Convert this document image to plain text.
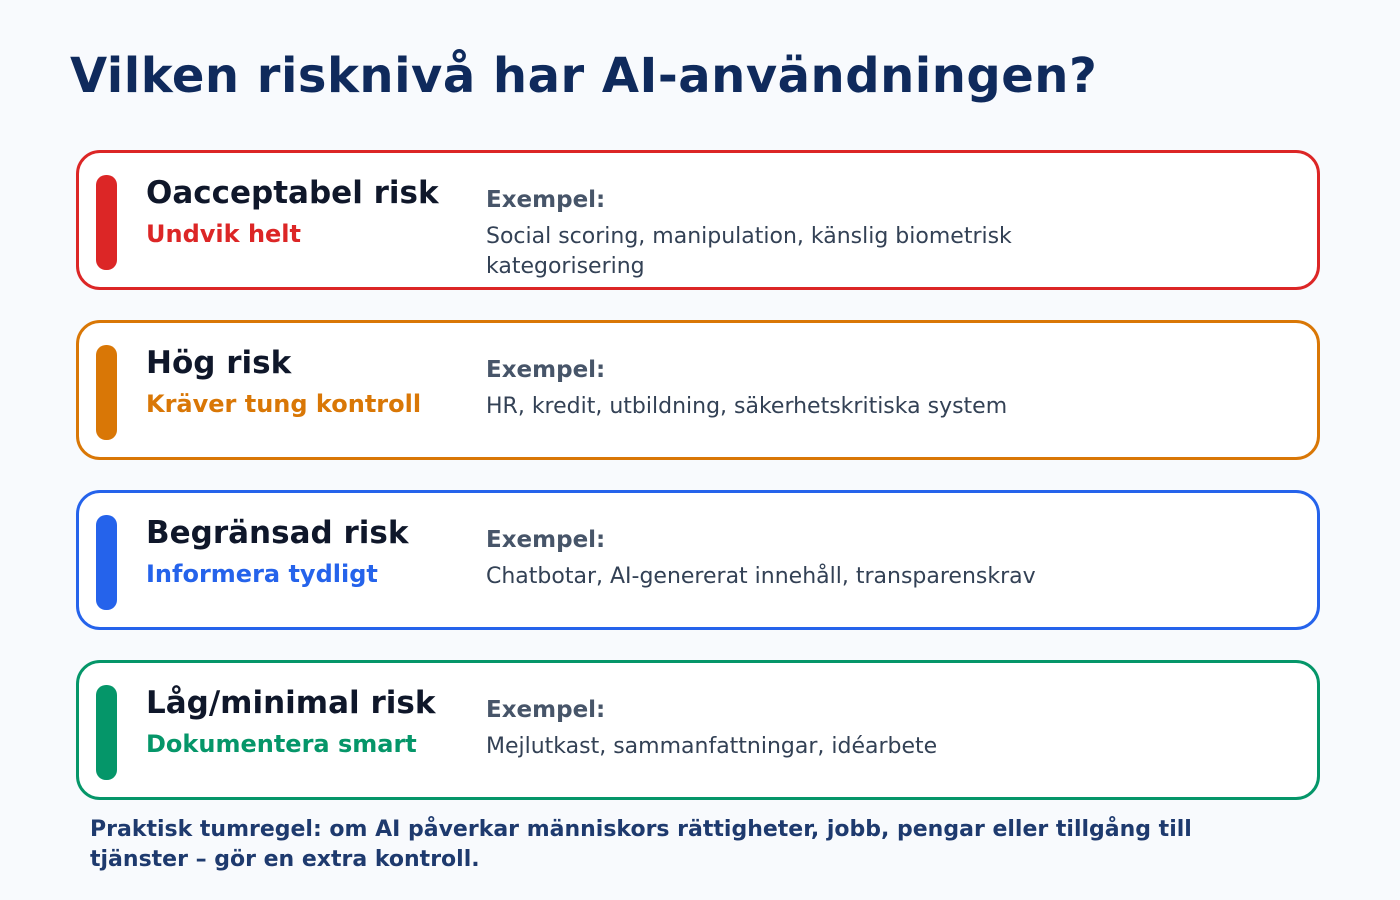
Vilken risknivå har AI-användningen?
Oacceptabel risk
Undvik helt
Exempel:
Social scoring, manipulation, känslig biometrisk kategorisering
Hög risk
Kräver tung kontroll
Exempel:
HR, kredit, utbildning, säkerhetskritiska system
Begränsad risk
Informera tydligt
Exempel:
Chatbotar, AI-genererat innehåll, transparenskrav
Låg/minimal risk
Dokumentera smart
Exempel:
Mejlutkast, sammanfattningar, idéarbete
Praktisk tumregel: om AI påverkar människors rättigheter, jobb, pengar eller tillgång till tjänster – gör en extra kontroll.
